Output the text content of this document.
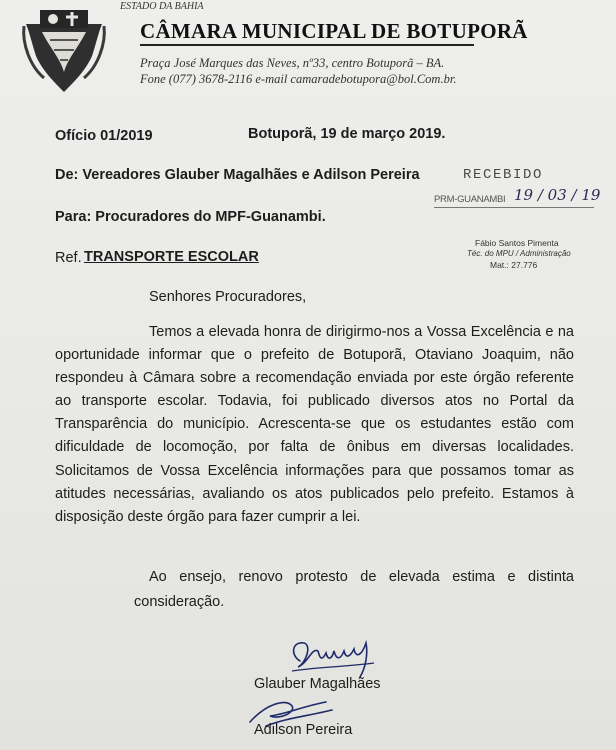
ESTADO DA BAHIA
CÂMARA MUNICIPAL DE BOTUPORÃ
Praça José Marques das Neves, nº33, centro Botuporã – BA.
Fone (077) 3678-2116 e-mail camaradebotupora@bol.Com.br.
Ofício 01/2019	Botuporã, 19 de março 2019.
De: Vereadores Glauber Magalhães e Adilson Pereira
Para: Procuradores do MPF-Guanambi.
Ref. TRANSPORTE ESCOLAR
Senhores Procuradores,
Temos a elevada honra de dirigirmo-nos a Vossa Excelência e na oportunidade informar que o prefeito de Botuporã, Otaviano Joaquim, não respondeu à Câmara sobre a recomendação enviada por este órgão referente ao transporte escolar. Todavia, foi publicado diversos atos no Portal da Transparência do município. Acrescenta-se que os estudantes estão com dificuldade de locomoção, por falta de ônibus em diversas localidades. Solicitamos de Vossa Excelência informações para que possamos tomar as atitudes necessárias, avaliando os atos publicados pelo prefeito. Estamos à disposição deste órgão para fazer cumprir a lei.
Ao ensejo, renovo protesto de elevada estima e distinta consideração.
RECEBIDO
PRM-GUANAMBI 19 / 03 / 19
Fábio Santos Pimenta
Téc. do MPU / Administração
Mat.: 27.776
Glauber Magalhães
Adilson Pereira
